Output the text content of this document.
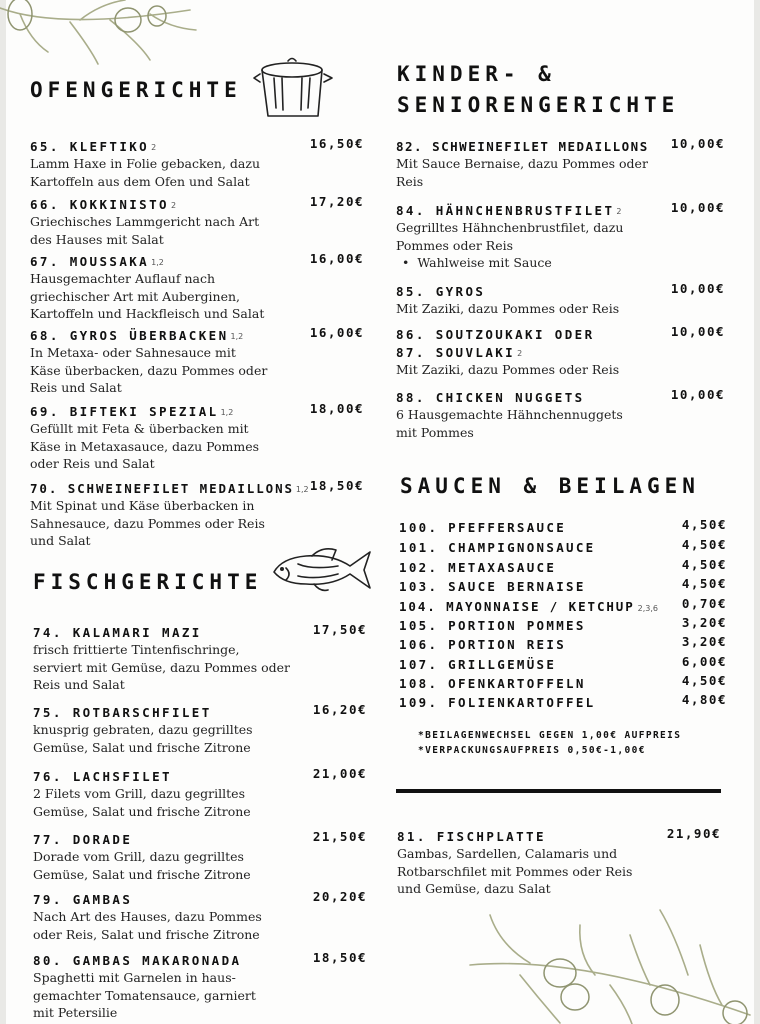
OFENGERICHTE
FISCHGERICHTE
KINDER- &
SENIORENGERICHTE
SAUCEN & BEILAGEN
65. KLEFTIKO 2	16,50€
Lamm Haxe in Folie gebacken, dazu
Kartoffeln aus dem Ofen und Salat
66. KOKKINISTO 2	17,20€
Griechisches Lammgericht nach Art
des Hauses mit Salat
67. MOUSSAKA 1,2	16,00€
Hausgemachter Auflauf nach
griechischer Art mit Auberginen,
Kartoffeln und Hackfleisch und Salat
68. GYROS ÜBERBACKEN 1,2	16,00€
In Metaxa- oder Sahnesauce mit
Käse überbacken, dazu Pommes oder
Reis und Salat
69. BIFTEKI SPEZIAL 1,2	18,00€
Gefüllt mit Feta & überbacken mit
Käse in Metaxasauce, dazu Pommes
oder Reis und Salat
70. SCHWEINEFILET MEDAILLONS 1,2 18,50€
Mit Spinat und Käse überbacken in
Sahnesauce, dazu Pommes oder Reis
und Salat
74. KALAMARI MAZI	17,50€
frisch frittierte Tintenfischringe,
serviert mit Gemüse, dazu Pommes oder
Reis und Salat
75. ROTBARSCHFILET	16,20€
knusprig gebraten, dazu gegrilltes
Gemüse, Salat und frische Zitrone
76. LACHSFILET	21,00€
2 Filets vom Grill, dazu gegrilltes
Gemüse, Salat und frische Zitrone
77. DORADE	21,50€
Dorade vom Grill, dazu gegrilltes
Gemüse, Salat und frische Zitrone
79. GAMBAS	20,20€
Nach Art des Hauses, dazu Pommes
oder Reis, Salat und frische Zitrone
80. GAMBAS MAKARONADA	18,50€
Spaghetti mit Garnelen in haus-
gemachter Tomatensauce, garniert
mit Petersilie
82. SCHWEINEFILET MEDAILLONS 10,00€
Mit Sauce Bernaise, dazu Pommes oder
Reis
84. HÄHNCHENBRUSTFILET 2	10,00€
Gegrilltes Hähnchenbrustfilet, dazu
Pommes oder Reis
• Wahlweise mit Sauce
85. GYROS	10,00€
Mit Zaziki, dazu Pommes oder Reis
86. SOUTZOUKAKI ODER	10,00€
87. SOUVLAKI 2
Mit Zaziki, dazu Pommes oder Reis
88. CHICKEN NUGGETS	10,00€
6 Hausgemachte Hähnchennuggets
mit Pommes
100. PFEFFERSAUCE	4,50€
101. CHAMPIGNONSAUCE	4,50€
102. METAXASAUCE	4,50€
103. SAUCE BERNAISE	4,50€
104. MAYONNAISE / KETCHUP 2,3,6 0,70€
105. PORTION POMMES	3,20€
106. PORTION REIS	3,20€
107. GRILLGEMÜSE	6,00€
108. OFENKARTOFFELN	4,50€
109. FOLIENKARTOFFEL	4,80€
*BEILAGENWECHSEL GEGEN 1,00€ AUFPREIS
*VERPACKUNGSAUFPREIS 0,50€-1,00€
81. FISCHPLATTE	21,90€
Gambas, Sardellen, Calamaris und
Rotbarschfilet mit Pommes oder Reis
und Gemüse, dazu Salat
